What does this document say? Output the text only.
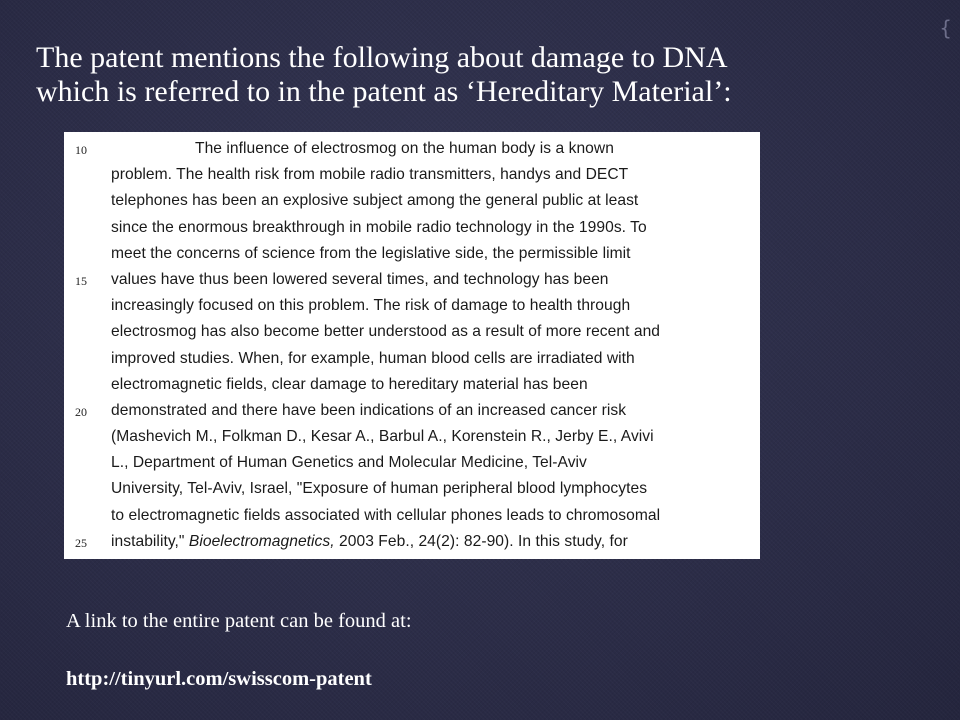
The patent mentions the following about damage to DNA
which is referred to in the patent as ‘Hereditary Material’:
{
10	The influence of electrosmog on the human body is a known
problem. The health risk from mobile radio transmitters, handys and DECT
telephones has been an explosive subject among the general public at least
since the enormous breakthrough in mobile radio technology in the 1990s. To
meet the concerns of science from the legislative side, the permissible limit
15 values have thus been lowered several times, and technology has been
increasingly focused on this problem. The risk of damage to health through
electrosmog has also become better understood as a result of more recent and
improved studies. When, for example, human blood cells are irradiated with
electromagnetic fields, clear damage to hereditary material has been
20 demonstrated and there have been indications of an increased cancer risk
(Mashevich M., Folkman D., Kesar A., Barbul A., Korenstein R., Jerby E., Avivi
L., Department of Human Genetics and Molecular Medicine, Tel-Aviv
University, Tel-Aviv, Israel, "Exposure of human peripheral blood lymphocytes
to electromagnetic fields associated with cellular phones leads to chromosomal
25 instability," Bioelectromagnetics, 2003 Feb., 24(2): 82-90). In this study, for
A link to the entire patent can be found at:
http://tinyurl.com/swisscom-patent
